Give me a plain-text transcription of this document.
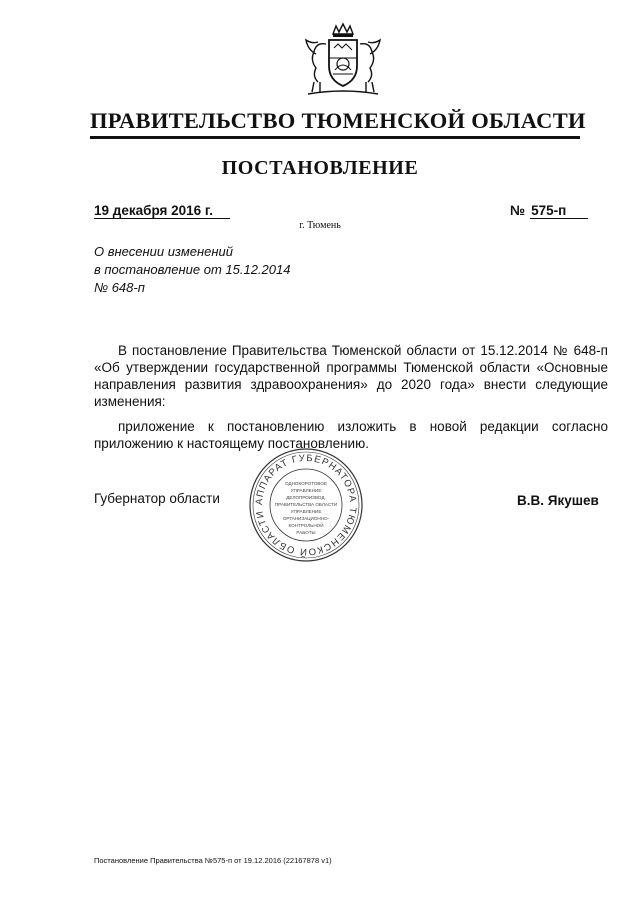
ПРАВИТЕЛЬСТВО ТЮМЕНСКОЙ ОБЛАСТИ
ПОСТАНОВЛЕНИЕ
19 декабря 2016 г.
г. Тюмень
№ 575-п
О внесении изменений
в постановление от 15.12.2014
№ 648-п

В постановление Правительства Тюменской области от 15.12.2014 № 648-п «Об утверждении государственной программы Тюменской области «Основные направления развития здравоохранения» до 2020 года» внести следующие изменения:

приложение к постановлению изложить в новой редакции согласно приложению к настоящему постановлению.

Губернатор области	АППАРАТ ГУБЕРНАТОРА ТЮМЕНСКОЙ ОБЛАСТИ
ОДНОКОРОТОВОЕ
УПРАВЛЕНИЕ
ДЕЛОПРОИЗВОД.
ПРАВИТЕЛЬСТВА ОБЛАСТИ
УПРАВЛЕНИЕ
ОРГАНИЗАЦИОННО-
КОНТРОЛЬНОЙ
РАБОТЫ
В.В. Якушев
Постановление Правительства №575-п от 19.12.2016 (22167878 v1)
